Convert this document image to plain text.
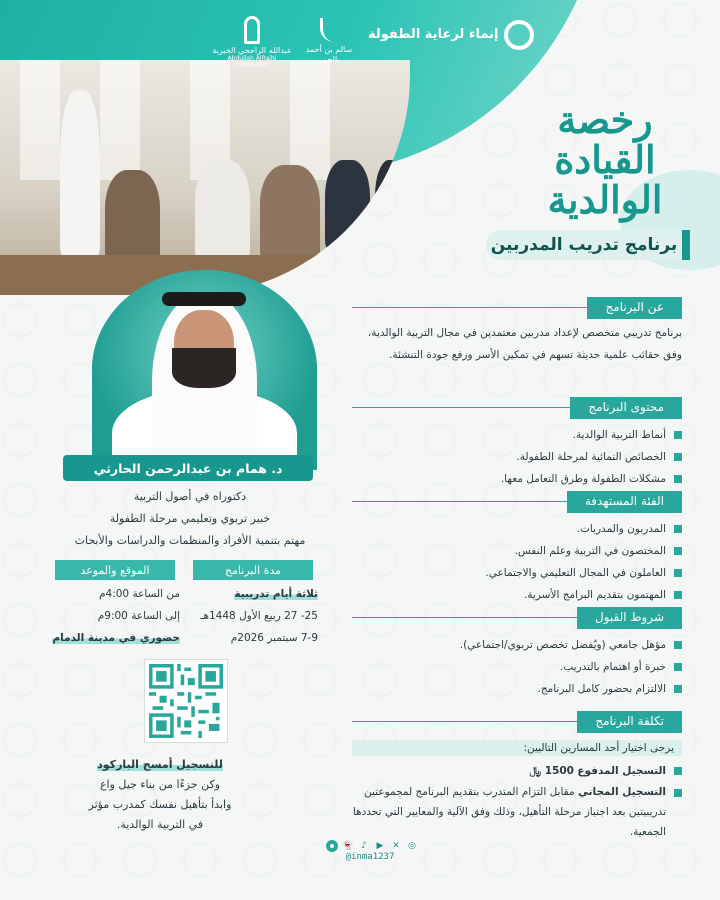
إنماء لرعاية الطفولة
سالم بن أحمد بالحمر
عبدالله الراجحي الخيرية
Abdullah AlRajhi Foundation
رخصة
القيادة
الوالدية
برنامج تدريب المدربين
د. همام بن عبدالرحمن الحارثي
دكتوراه في أصول التربية
خبير تربوي وتعليمي مرحلة الطفولة
مهتم بتنمية الأفراد والمنظمات والدراسات والأبحاث
مدة البرنامج
الموقع والموعد
ثلاثة أيام تدريبية
25- 27 ربيع الأول 1448هـ
7-9 سبتمبر 2026م
من الساعة 4:00م
إلى الساعة 9:00م
حضوري في مدينة الدمام
للتسجيل أمسح الباركود
وكن جزءًا من بناء جيل واع
وابدأ بتأهيل نفسك كمدرب مؤثر
في التربية الوالدية.
عن البرنامج
برنامج تدريبي متخصص لإعداد مدربين معتمدين في مجال التربية الوالدية، وفق حقائب علمية حديثة تسهم في تمكين الأسر ورفع جودة التنشئة.
محتوى البرنامج
أنماط التربية الوالدية.
الخصائص النمائية لمرحلة الطفولة.
مشكلات الطفولة وطرق التعامل معها.
الفئة المستهدفة
المدربون والمدربات.
المختصون في التربية وعلم النفس.
العاملون في المجال التعليمي والاجتماعي.
المهتمون بتقديم البرامج الأسرية.
شروط القبول
مؤهل جامعي (ويُفضل تخصص تربوي/اجتماعي).
خبرة أو اهتمام بالتدريب.
الالتزام بحضور كامل البرنامج.
تكلفة البرنامج
يرجى اختيار أحد المسارين التاليين:
التسجيل المدفوع 1500 ﷼
التسجيل المجاني مقابل التزام المتدرب بتقديم البرنامج لمجموعتين تدريبيتين بعد اجتياز مرحلة التأهيل، وذلك وفق الآلية والمعايير التي تحددها الجمعية.
👻 ♪	▶ ✕ ◎
@inma1237
